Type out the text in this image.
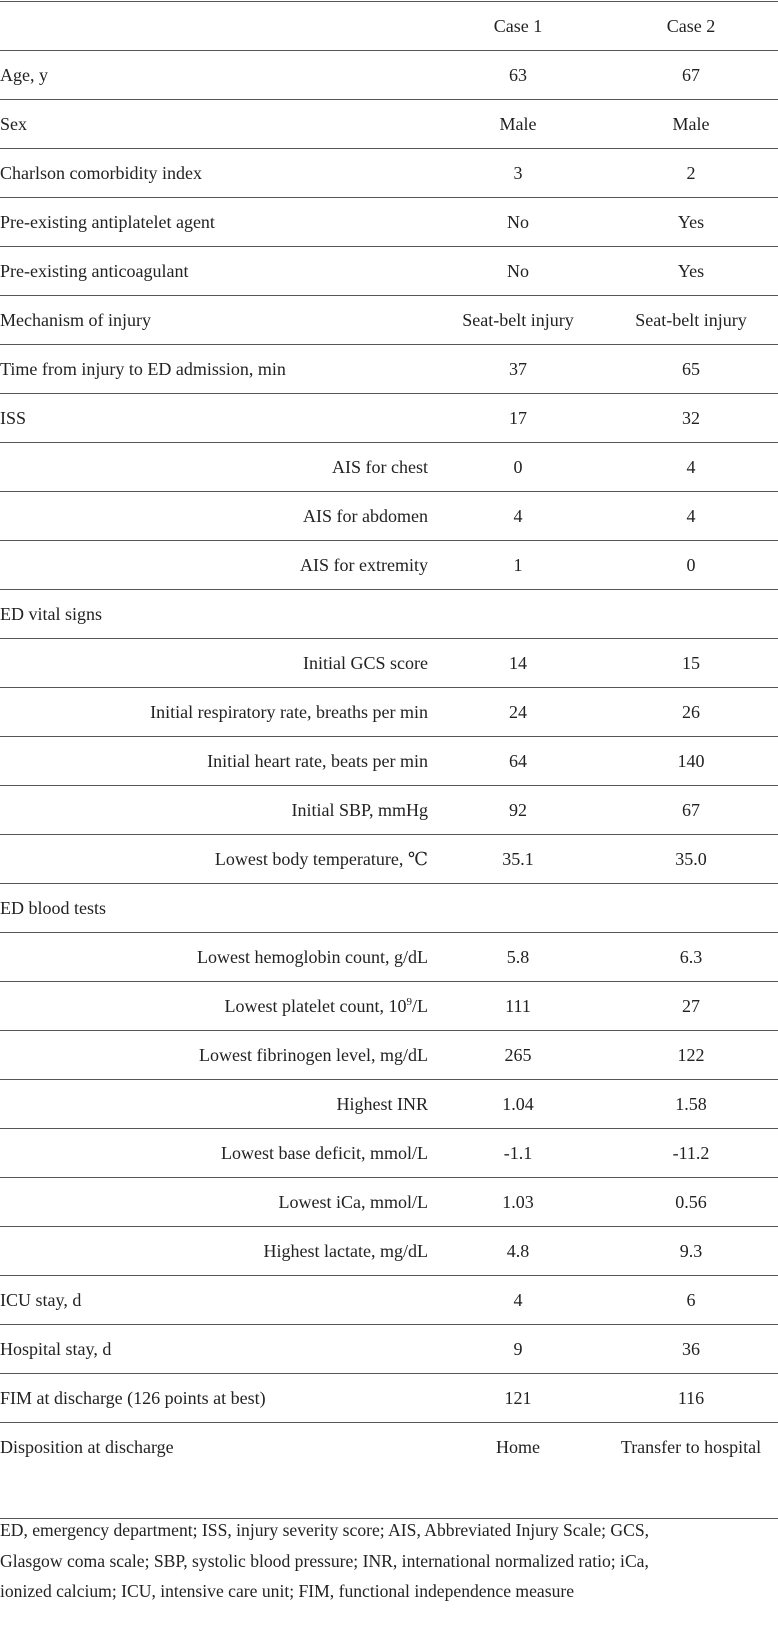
	Case 1	Case 2
Age, y	63	67
Sex	Male	Male
Charlson comorbidity index	3	2
Pre-existing antiplatelet agent	No	Yes
Pre-existing anticoagulant	No	Yes
Mechanism of injury	Seat-belt injury	Seat-belt injury
Time from injury to ED admission, min	37	65
ISS	17	32
AIS for chest	0	4
AIS for abdomen	4	4
AIS for extremity	1	0
ED vital signs		
Initial GCS score	14	15
Initial respiratory rate, breaths per min	24	26
Initial heart rate, beats per min	64	140
Initial SBP, mmHg	92	67
Lowest body temperature, ℃	35.1	35.0
ED blood tests		
Lowest hemoglobin count, g/dL	5.8	6.3
Lowest platelet count, $10^9/L$	111	27
Lowest fibrinogen level, mg/dL	265	122
Highest INR	1.04	1.58
Lowest base deficit, mmol/L	-1.1	-11.2
Lowest iCa, mmol/L	1.03	0.56
Highest lactate, mg/dL	4.8	9.3
ICU stay, d	4	6
Hospital stay, d	9	36
FIM at discharge (126 points at best)	121	116
Disposition at discharge	Home	Transfer to hospital

ED, emergency department; ISS, injury severity score; AIS, Abbreviated Injury Scale; GCS,
Glasgow coma scale; SBP, systolic blood pressure; INR, international normalized ratio; iCa,
ionized calcium; ICU, intensive care unit; FIM, functional independence measure
